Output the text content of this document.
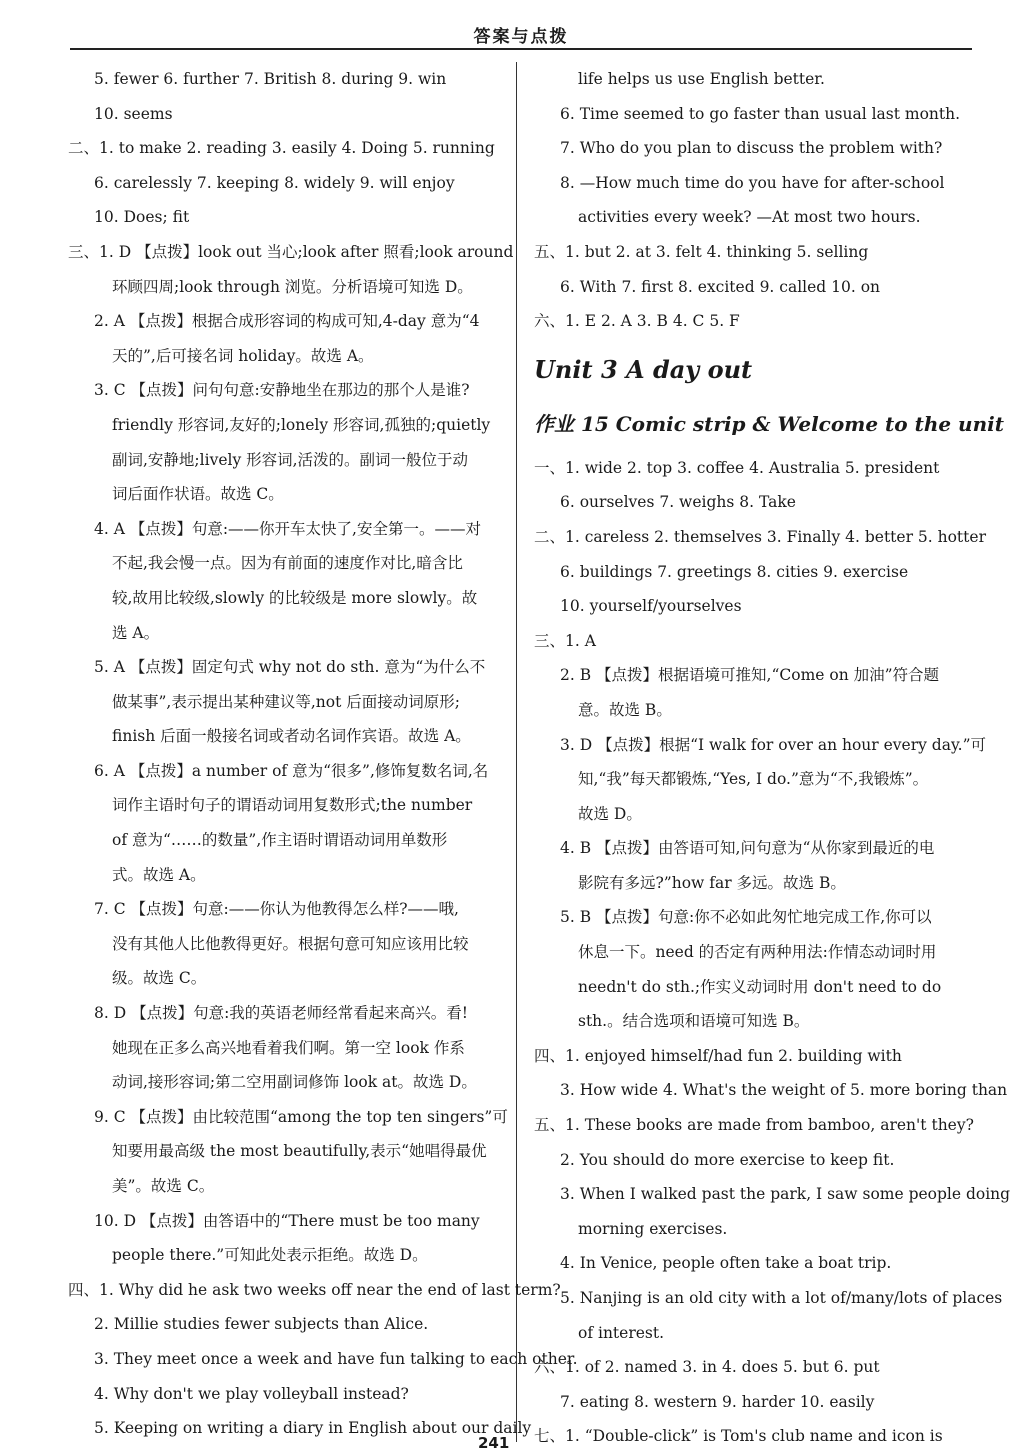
答案与点拨
5. fewer 6. further 7. British 8. during 9. win
10. seems
二、1. to make 2. reading 3. easily 4. Doing 5. running
6. carelessly 7. keeping 8. widely 9. will enjoy
10. Does; fit
三、1. D 【点拨】look out 当心;look after 照看;look around
环顾四周;look through 浏览。分析语境可知选 D。
2. A 【点拨】根据合成形容词的构成可知,4-day 意为“4
天的”,后可接名词 holiday。故选 A。
3. C 【点拨】问句句意:安静地坐在那边的那个人是谁?
friendly 形容词,友好的;lonely 形容词,孤独的;quietly
副词,安静地;lively 形容词,活泼的。副词一般位于动
词后面作状语。故选 C。
4. A 【点拨】句意:——你开车太快了,安全第一。——对
不起,我会慢一点。因为有前面的速度作对比,暗含比
较,故用比较级,slowly 的比较级是 more slowly。故
选 A。
5. A 【点拨】固定句式 why not do sth. 意为“为什么不
做某事”,表示提出某种建议等,not 后面接动词原形;
finish 后面一般接名词或者动名词作宾语。故选 A。
6. A 【点拨】a number of 意为“很多”,修饰复数名词,名
词作主语时句子的谓语动词用复数形式;the number
of 意为“……的数量”,作主语时谓语动词用单数形
式。故选 A。
7. C 【点拨】句意:——你认为他教得怎么样?——哦,
没有其他人比他教得更好。根据句意可知应该用比较
级。故选 C。
8. D 【点拨】句意:我的英语老师经常看起来高兴。看!
她现在正多么高兴地看着我们啊。第一空 look 作系
动词,接形容词;第二空用副词修饰 look at。故选 D。
9. C 【点拨】由比较范围“among the top ten singers”可
知要用最高级 the most beautifully,表示“她唱得最优
美”。故选 C。
10. D 【点拨】由答语中的“There must be too many
people there.”可知此处表示拒绝。故选 D。
四、1. Why did he ask two weeks off near the end of last term?
2. Millie studies fewer subjects than Alice.
3. They meet once a week and have fun talking to each other.
4. Why don't we play volleyball instead?
5. Keeping on writing a diary in English about our daily
life helps us use English better.
6. Time seemed to go faster than usual last month.
7. Who do you plan to discuss the problem with?
8. —How much time do you have for after-school
activities every week? —At most two hours.
五、1. but 2. at 3. felt 4. thinking 5. selling
6. With 7. first 8. excited 9. called 10. on
六、1. E 2. A 3. B 4. C 5. F
Unit 3 A day out
作业 15 Comic strip & Welcome to the unit
一、1. wide 2. top 3. coffee 4. Australia 5. president
6. ourselves 7. weighs 8. Take
二、1. careless 2. themselves 3. Finally 4. better 5. hotter
6. buildings 7. greetings 8. cities 9. exercise
10. yourself/yourselves
三、1. A
2. B 【点拨】根据语境可推知,“Come on 加油”符合题
意。故选 B。
3. D 【点拨】根据“I walk for over an hour every day.”可
知,“我”每天都锻炼,“Yes, I do.”意为“不,我锻炼”。
故选 D。
4. B 【点拨】由答语可知,问句意为“从你家到最近的电
影院有多远?”how far 多远。故选 B。
5. B 【点拨】句意:你不必如此匆忙地完成工作,你可以
休息一下。need 的否定有两种用法:作情态动词时用
needn't do sth.;作实义动词时用 don't need to do
sth.。结合选项和语境可知选 B。
四、1. enjoyed himself/had fun 2. building with
3. How wide 4. What's the weight of 5. more boring than
五、1. These books are made from bamboo, aren't they?
2. You should do more exercise to keep fit.
3. When I walked past the park, I saw some people doing
morning exercises.
4. In Venice, people often take a boat trip.
5. Nanjing is an old city with a lot of/many/lots of places
of interest.
六、1. of 2. named 3. in 4. does 5. but 6. put
7. eating 8. western 9. harder 10. easily
七、1. “Double-click” is Tom's club name and icon is
241
